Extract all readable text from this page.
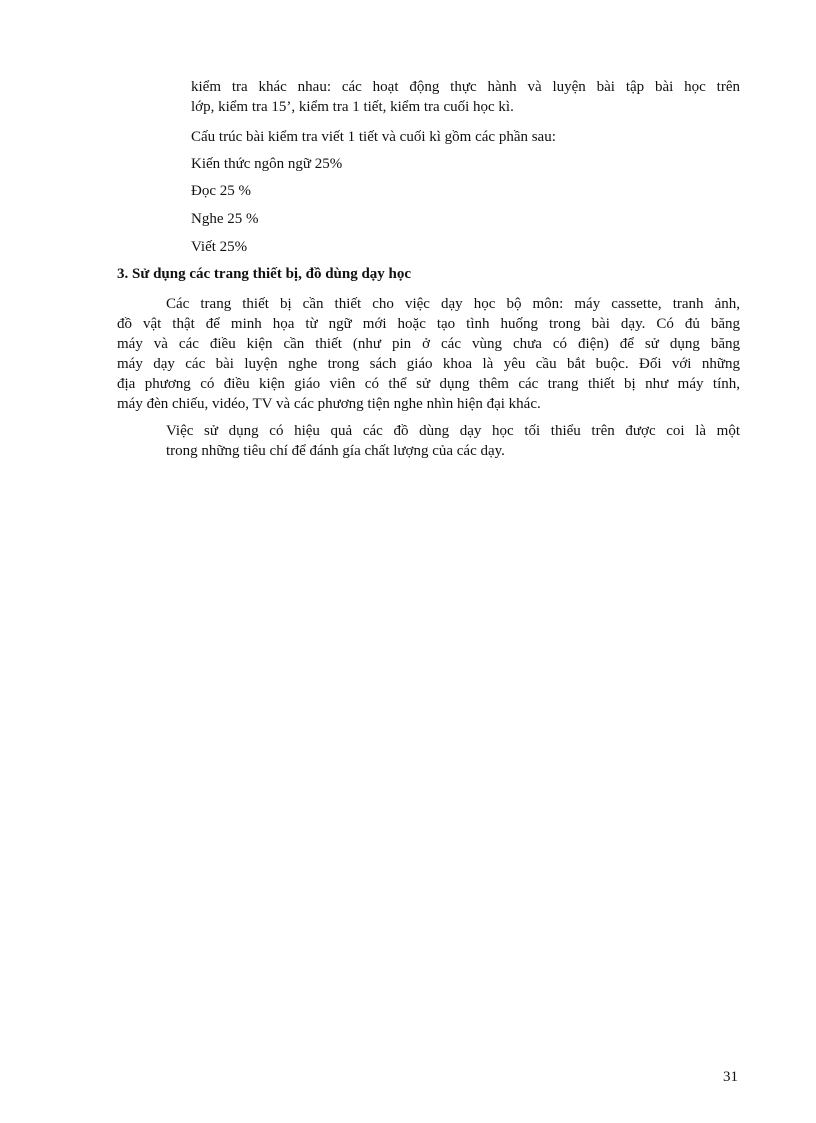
kiểm tra khác nhau: các hoạt động thực hành và luyện bài tập bài học trên
lớp, kiểm tra 15’, kiểm tra 1 tiết, kiểm tra cuối học kì.
Cấu trúc bài kiểm tra viết 1 tiết và cuối kì gồm các phần sau:
Kiến thức ngôn ngữ 25%
Đọc 25 %
Nghe 25 %
Viết 25%
3. Sử dụng các trang thiết bị, đồ dùng dạy học
Các trang thiết bị cần thiết cho việc dạy học bộ môn: máy cassette, tranh ảnh,
đồ vật thật để minh họa từ ngữ mới hoặc tạo tình huống trong bài dạy. Có đủ băng
máy và các điều kiện cần thiết (như pin ở các vùng chưa có điện) để sử dụng băng
máy dạy các bài luyện nghe trong sách giáo khoa là yêu cầu bắt buộc. Đối với những
địa phương có điều kiện giáo viên có thể sử dụng thêm các trang thiết bị như máy tính,
máy đèn chiếu, vidéo, TV và các phương tiện nghe nhìn hiện đại khác.
Việc sử dụng có hiệu quả các đồ dùng dạy học tối thiểu trên được coi là một
trong những tiêu chí để đánh gía chất lượng của các dạy.
31
